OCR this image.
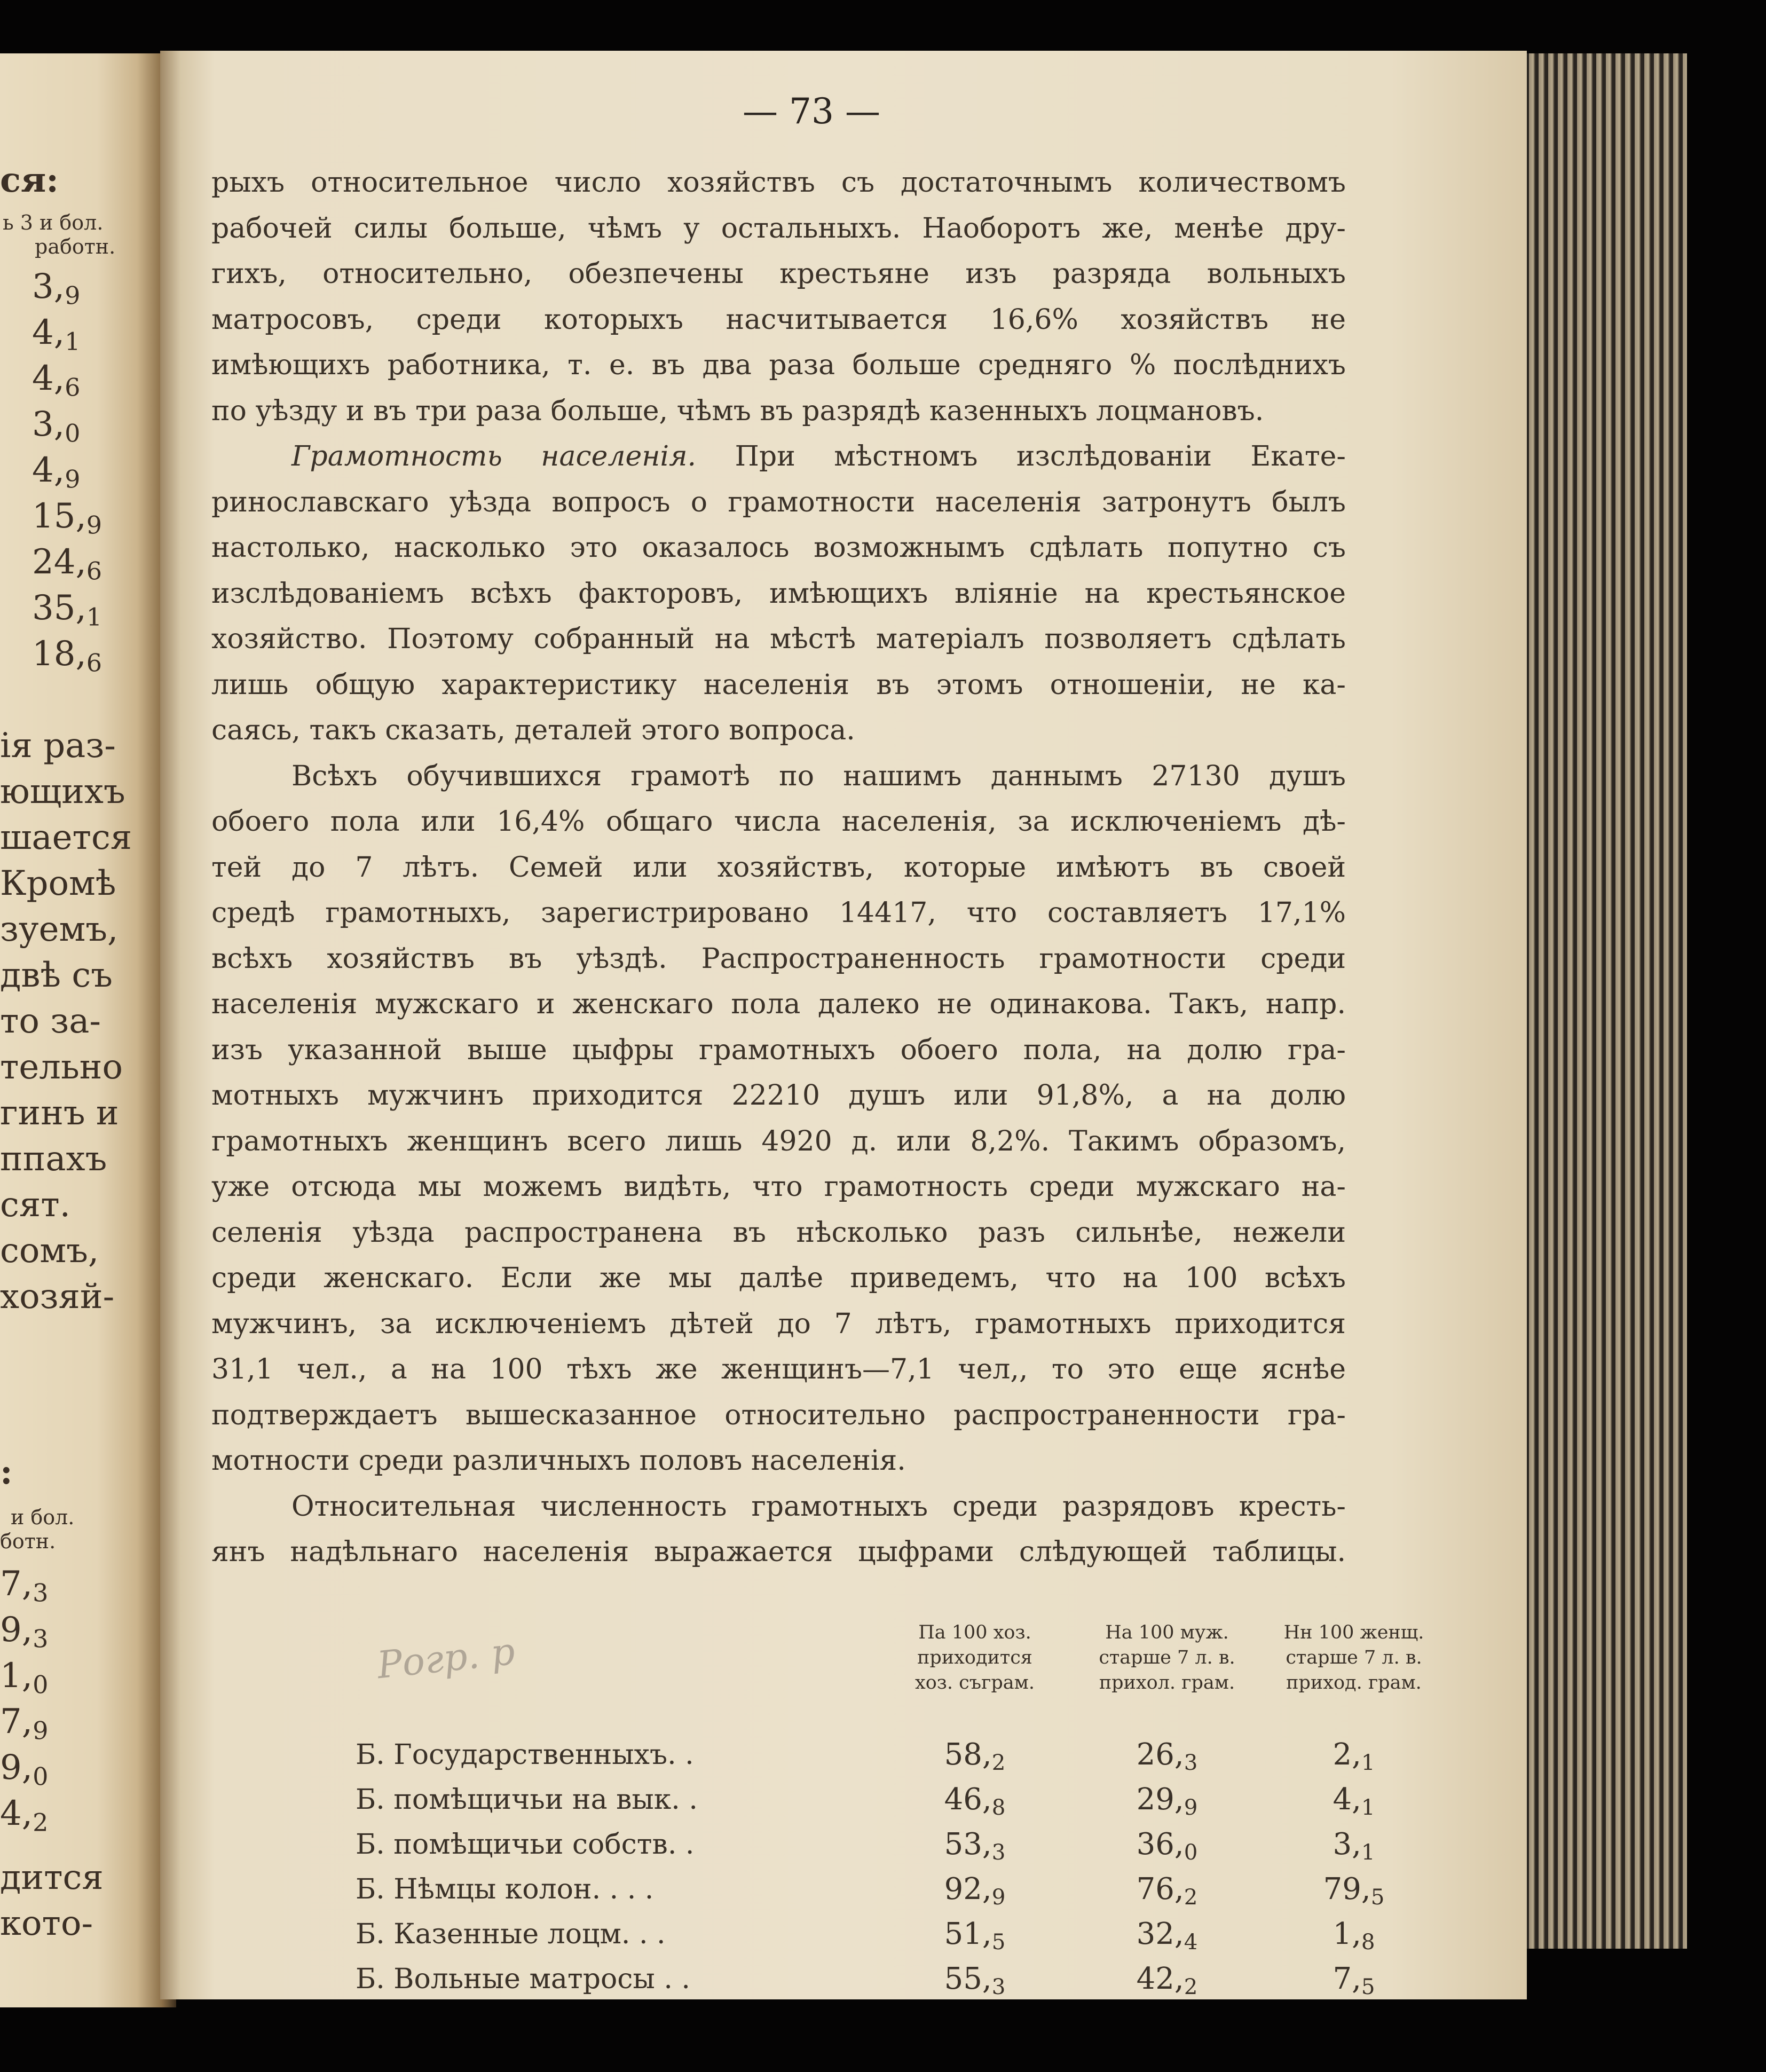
ся:
ь 3 и бол.
работн.
$3,_9$
$4,_1$
$4,_6$
$3,_0$
$4,_9$
$15,_9$
$24,_6$
$35,_1$
$18,_6$
ія раз-
ющихъ
шается
Кромѣ
зуемъ,
двѣ съ
то за-
тельно
гинъ и
ппахъ
сят.
сомъ,
хозяй-
:
и бол.
ботн.
$7,_3$
$9,_3$
$1,_0$
$7,_9$
$9,_0$
$4,_2$
дится
кото-
— 73 —
рыхъ относительное число хозяйствъ съ достаточнымъ количествомъ
рабочей силы больше, чѣмъ у остальныхъ. Наоборотъ же, менѣе дру-
гихъ, относительно, обезпечены крестьяне изъ разряда вольныхъ
матросовъ, среди которыхъ насчитывается 16,6% хозяйствъ не
имѣющихъ работника, т. е. въ два раза больше средняго % послѣднихъ
по уѣзду и въ три раза больше, чѣмъ въ разрядѣ казенныхъ лоцмановъ.
Грамотность населенія. При мѣстномъ изслѣдованіи Екате-
ринославскаго уѣзда вопросъ о грамотности населенія затронутъ былъ
настолько, насколько это оказалось возможнымъ сдѣлать попутно съ
изслѣдованіемъ всѣхъ факторовъ, имѣющихъ вліяніе на крестьянское
хозяйство. Поэтому собранный на мѣстѣ матеріалъ позволяетъ сдѣлать
лишь общую характеристику населенія въ этомъ отношеніи, не ка-
саясь, такъ сказать, деталей этого вопроса.
Всѣхъ обучившихся грамотѣ по нашимъ даннымъ 27130 душъ
обоего пола или 16,4% общаго числа населенія, за исключеніемъ дѣ-
тей до 7 лѣтъ. Семей или хозяйствъ, которые имѣютъ въ своей
средѣ грамотныхъ, зарегистрировано 14417, что составляетъ 17,1%
всѣхъ хозяйствъ въ уѣздѣ. Распространенность грамотности среди
населенія мужскаго и женскаго пола далеко не одинакова. Такъ, напр.
изъ указанной выше цыфры грамотныхъ обоего пола, на долю гра-
мотныхъ мужчинъ приходится 22210 душъ или 91,8%, а на долю
грамотныхъ женщинъ всего лишь 4920 д. или 8,2%. Такимъ образомъ,
уже отсюда мы можемъ видѣть, что грамотность среди мужскаго на-
селенія уѣзда распространена въ нѣсколько разъ сильнѣе, нежели
среди женскаго. Если же мы далѣе приведемъ, что на 100 всѣхъ
мужчинъ, за исключеніемъ дѣтей до 7 лѣтъ, грамотныхъ приходится
31,1 чел., а на 100 тѣхъ же женщинъ—7,1 чел,, то это еще яснѣе
подтверждаетъ вышесказанное относительно распространенности гра-
мотности среди различныхъ половъ населенія.
Относительная численность грамотныхъ среди разрядовъ кресть-
янъ надѣльнаго населенія выражается цыфрами слѣдующей таблицы.
Рогр. р	Па 100 хоз.
приходится
хоз. съграм.
На 100 муж.
старше 7 л. в.
прихол. грам.
Нн 100 женщ.
старше 7 л. в.
приход. грам.
Б. Государственныхъ. .	$58,_2$	$26,_3$	$2,_1$
Б. помѣщичьи на вык. .	$46,_8$	$29,_9$	$4,_1$
Б. помѣщичьи собств. .	$53,_3$	$36,_0$	$3,_1$
Б. Нѣмцы колон. . . .	$92,_9$	$76,_2$	$79,_5$
Б. Казенные лоцм. . .	$51,_5$	$32,_4$	$1,_8$
Б. Вольные матросы . .	$55,_3$	$42,_2$	$7,_5$
